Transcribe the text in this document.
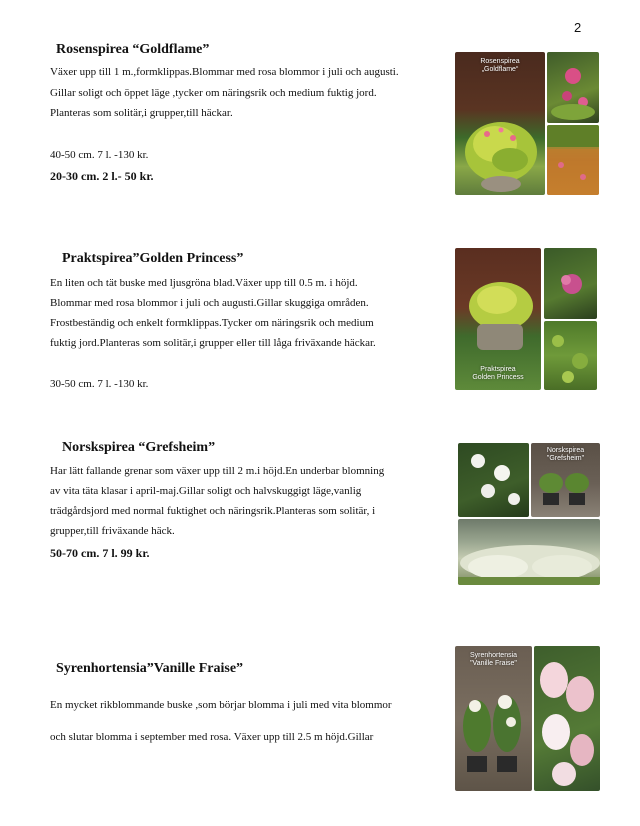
2
Rosenspirea “Goldflame”
Växer upp till 1 m.,formklippas.Blommar med rosa blommor i juli och augusti.
Gillar soligt och öppet läge ,tycker om näringsrik och medium fuktig jord.
Planteras som solitär,i grupper,till häckar.
40-50 cm. 7 l. -130 kr.
20-30 cm. 2 l.- 50 kr.
Rosenspirea
„Goldflame“
Praktspirea”Golden Princess”
En liten och tät buske med ljusgröna blad.Växer upp till 0.5 m. i höjd.
Blommar med rosa blommor i juli och augusti.Gillar skuggiga områden.
Frostbeständig och enkelt formklippas.Tycker om näringsrik och medium
fuktig jord.Planteras som solitär,i grupper eller till låga friväxande häckar.
30-50 cm. 7 l. -130 kr.
Praktspirea
Golden Princess
Norskspirea “Grefsheim”
Har lätt fallande grenar som växer upp till 2 m.i höjd.En underbar blomning
av vita täta klasar i april-maj.Gillar soligt och halvskuggigt läge,vanlig
trädgårdsjord med normal fuktighet och näringsrik.Planteras som solitär, i
grupper,till friväxande häck.
50-70 cm. 7 l. 99 kr.
Norskspirea
"Grefsheim"
Syrenhortensia”Vanille Fraise”
En mycket rikblommande buske ,som börjar blomma i juli med vita blommor
och slutar blomma i september med rosa. Växer upp till 2.5 m höjd.Gillar
Syrenhortensia
"Vanille Fraise"
